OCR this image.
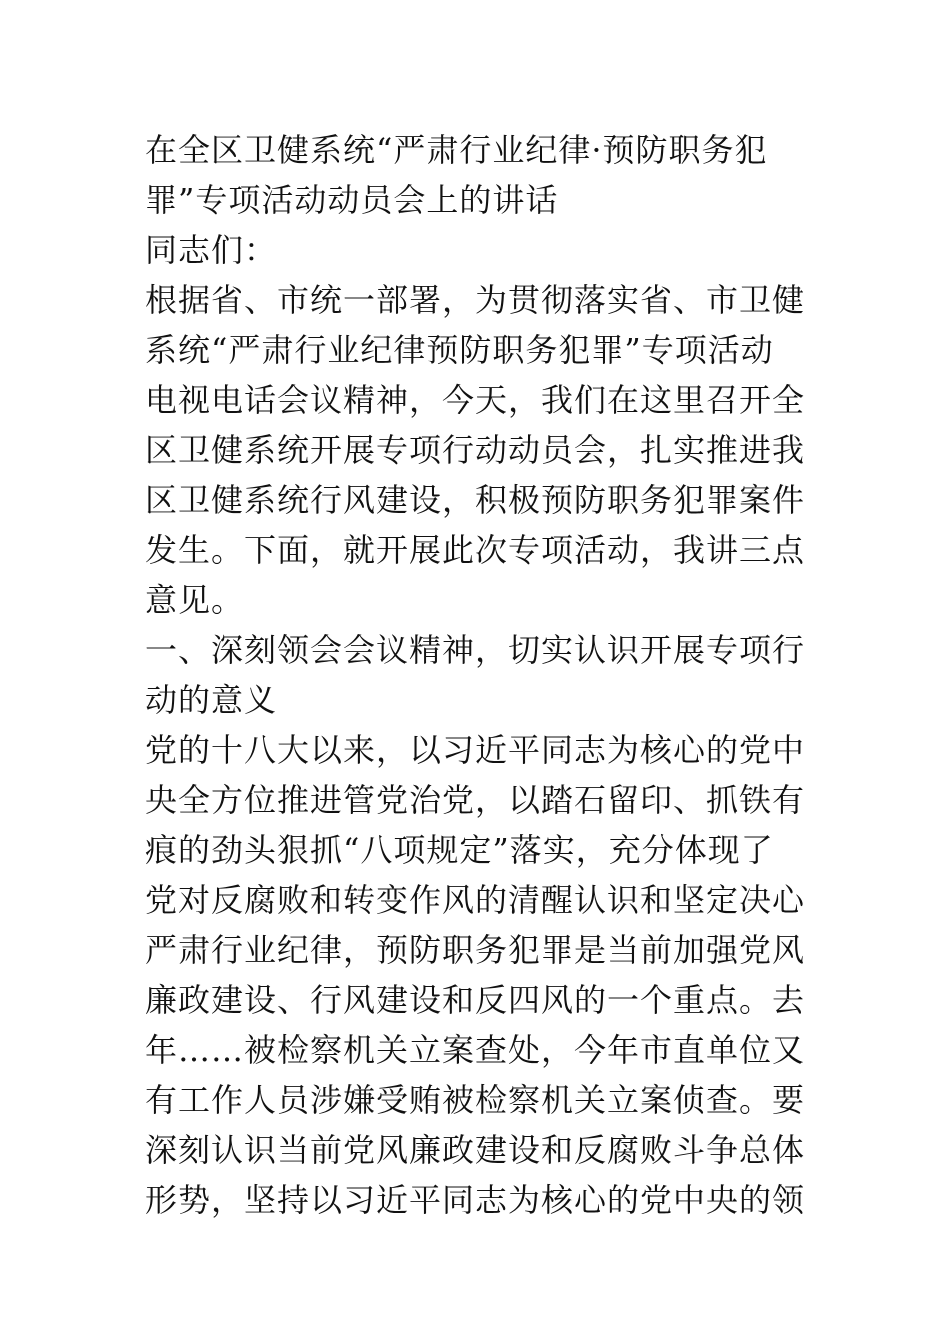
在全区卫健系统“严肃行业纪律·预防职务犯
罪”专项活动动员会上的讲话
同志们：
根据省、市统一部署，为贯彻落实省、市卫健
系统“严肃行业纪律预防职务犯罪”专项活动
电视电话会议精神，今天，我们在这里召开全
区卫健系统开展专项行动动员会，扎实推进我
区卫健系统行风建设，积极预防职务犯罪案件
发生。下面，就开展此次专项活动，我讲三点
意见。
一、深刻领会会议精神，切实认识开展专项行
动的意义
党的十八大以来，以习近平同志为核心的党中
央全方位推进管党治党，以踏石留印、抓铁有
痕的劲头狠抓“八项规定”落实，充分体现了
党对反腐败和转变作风的清醒认识和坚定决心
严肃行业纪律，预防职务犯罪是当前加强党风
廉政建设、行风建设和反四风的一个重点。去
年……被检察机关立案查处，今年市直单位又
有工作人员涉嫌受贿被检察机关立案侦查。要
深刻认识当前党风廉政建设和反腐败斗争总体
形势，坚持以习近平同志为核心的党中央的领
